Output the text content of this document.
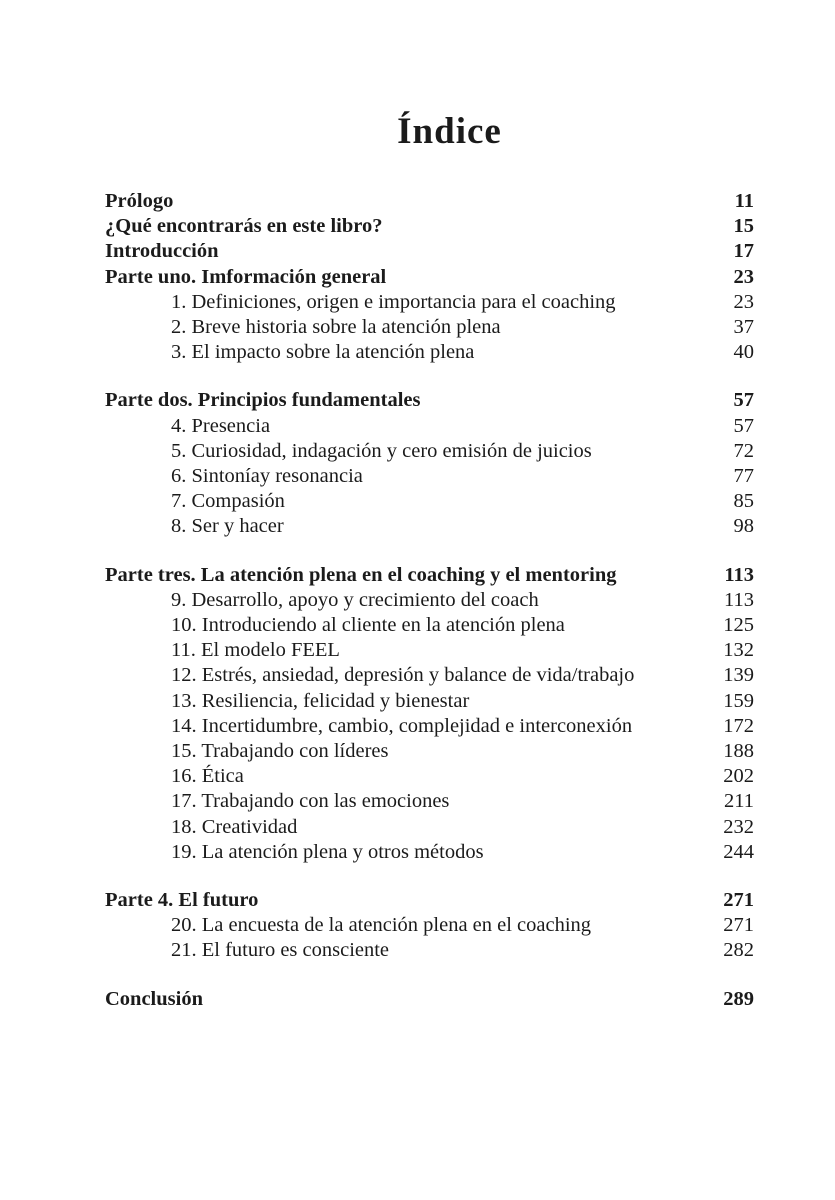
Índice
Prólogo	11
¿Qué encontrarás en este libro?	15
Introducción	17
Parte uno. Imformación general	23
1. Definiciones, origen e importancia para el coaching	23
2. Breve historia sobre la atención plena	37
3. El impacto sobre la atención plena	40
Parte dos. Principios fundamentales	57
4. Presencia	57
5. Curiosidad, indagación y cero emisión de juicios	72
6. Sintoníay resonancia	77
7. Compasión	85
8. Ser y hacer	98
Parte tres. La atención plena en el coaching y el mentoring	113
9. Desarrollo, apoyo y crecimiento del coach	113
10. Introduciendo al cliente en la atención plena	125
11. El modelo FEEL	132
12. Estrés, ansiedad, depresión y balance de vida/trabajo	139
13. Resiliencia, felicidad y bienestar	159
14. Incertidumbre, cambio, complejidad e interconexión	172
15. Trabajando con líderes	188
16. Ética	202
17. Trabajando con las emociones	211
18. Creatividad	232
19. La atención plena y otros métodos	244
Parte 4. El futuro	271
20. La encuesta de la atención plena en el coaching	271
21. El futuro es consciente	282
Conclusión	289
